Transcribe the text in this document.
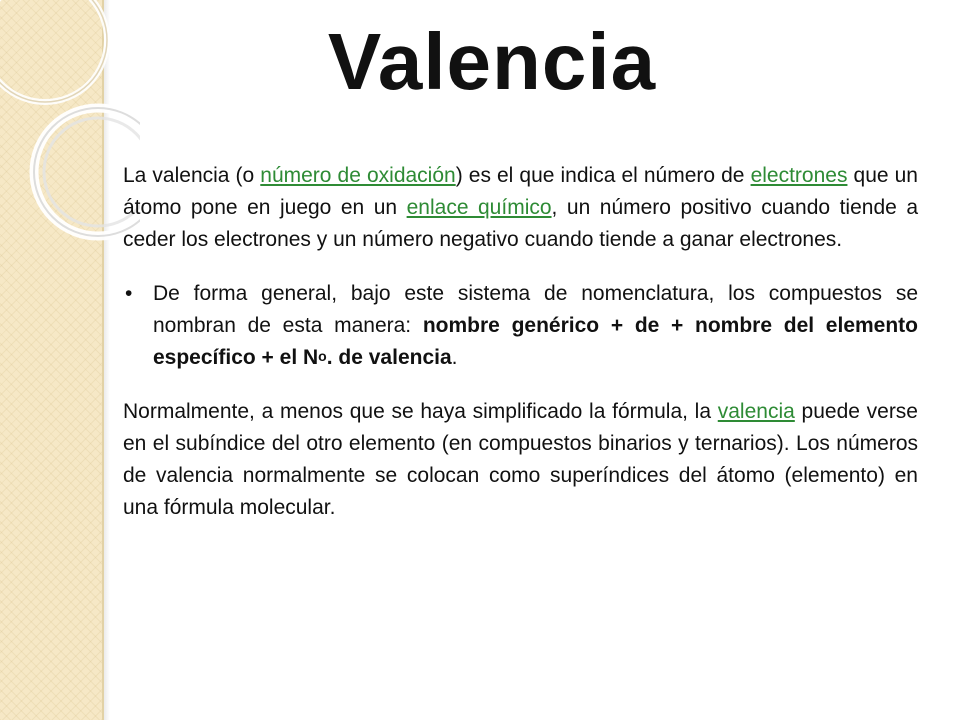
Valencia

La valencia (o número de oxidación) es el que indica el número de electrones que un átomo pone en juego en un enlace químico, un número positivo cuando tiende a ceder los electrones y un número negativo cuando tiende a ganar electrones.

• De forma general, bajo este sistema de nomenclatura, los compuestos se nombran de esta manera: nombre genérico + de + nombre del elemento específico + el $N^o$. de valencia.

Normalmente, a menos que se haya simplificado la fórmula, la valencia puede verse en el subíndice del otro elemento (en compuestos binarios y ternarios). Los números de valencia normalmente se colocan como superíndices del átomo (elemento) en una fórmula molecular.
